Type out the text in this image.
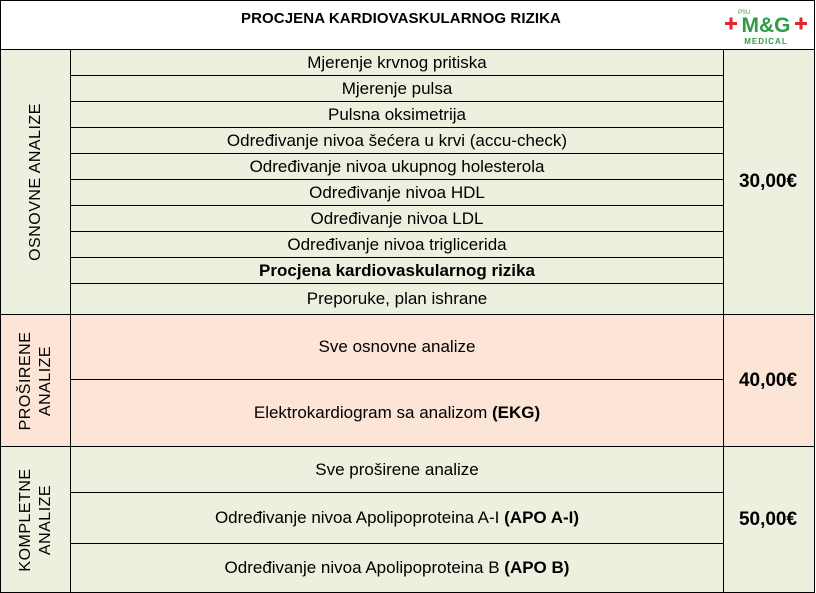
PROCJENA KARDIOVASKULARNOG RIZIKA	PSU
M&G
MEDICAL
OSNOVNE ANALIZE
Mjerenje krvnog pritiska
Mjerenje pulsa
Pulsna oksimetrija
Određivanje nivoa šećera u krvi (accu-check)
Određivanje nivoa ukupnog holesterola
Određivanje nivoa HDL
Određivanje nivoa LDL
Određivanje nivoa triglicerida
Procjena kardiovaskularnog rizika
Preporuke, plan ishrane
30,00€
PROŠIRENE ANALIZE	Sve osnovne analize
Elektrokardiogram sa analizom (EKG)
40,00€
KOMPLETNE ANALIZE
Sve proširene analize
Određivanje nivoa Apolipoproteina A-I (APO A-I)
Određivanje nivoa Apolipoproteina B (APO B)
50,00€
